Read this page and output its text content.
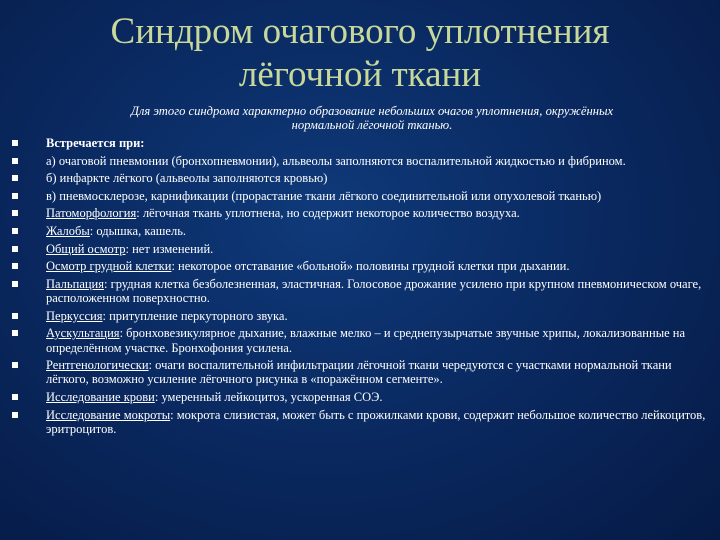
Синдром очагового уплотнения
лёгочной ткани
Для этого синдрома характерно образование небольших очагов уплотнения, окружённых
нормальной лёгочной тканью.
Встречается при:
а) очаговой пневмонии (бронхопневмонии), альвеолы заполняются воспалительной жидкостью и фибрином.
б) инфаркте лёгкого (альвеолы заполняются кровью)
в) пневмосклерозе, карнификации (прорастание ткани лёгкого соединительной или опухолевой тканью)
Патоморфология: лёгочная ткань уплотнена, но содержит некоторое количество воздуха.
Жалобы: одышка, кашель.
Общий осмотр: нет изменений.
Осмотр грудной клетки: некоторое отставание «больной» половины грудной клетки при дыхании.
Пальпация: грудная клетка безболезненная, эластичная. Голосовое дрожание усилено при крупном пневмоническом очаге, расположенном поверхностно.
Перкуссия: притупление перкуторного звука.
Аускультация: бронховезикулярное дыхание, влажные мелко – и среднепузырчатые звучные хрипы, локализованные на определённом участке. Бронхофония усилена.
Рентгенологически: очаги воспалительной инфильтрации лёгочной ткани чередуются с участками нормальной ткани лёгкого, возможно усиление лёгочного рисунка в «поражённом сегменте».
Исследование крови: умеренный лейкоцитоз, ускоренная СОЭ.
Исследование мокроты: мокрота слизистая, может быть с прожилками крови, содержит небольшое количество лейкоцитов, эритроцитов.
